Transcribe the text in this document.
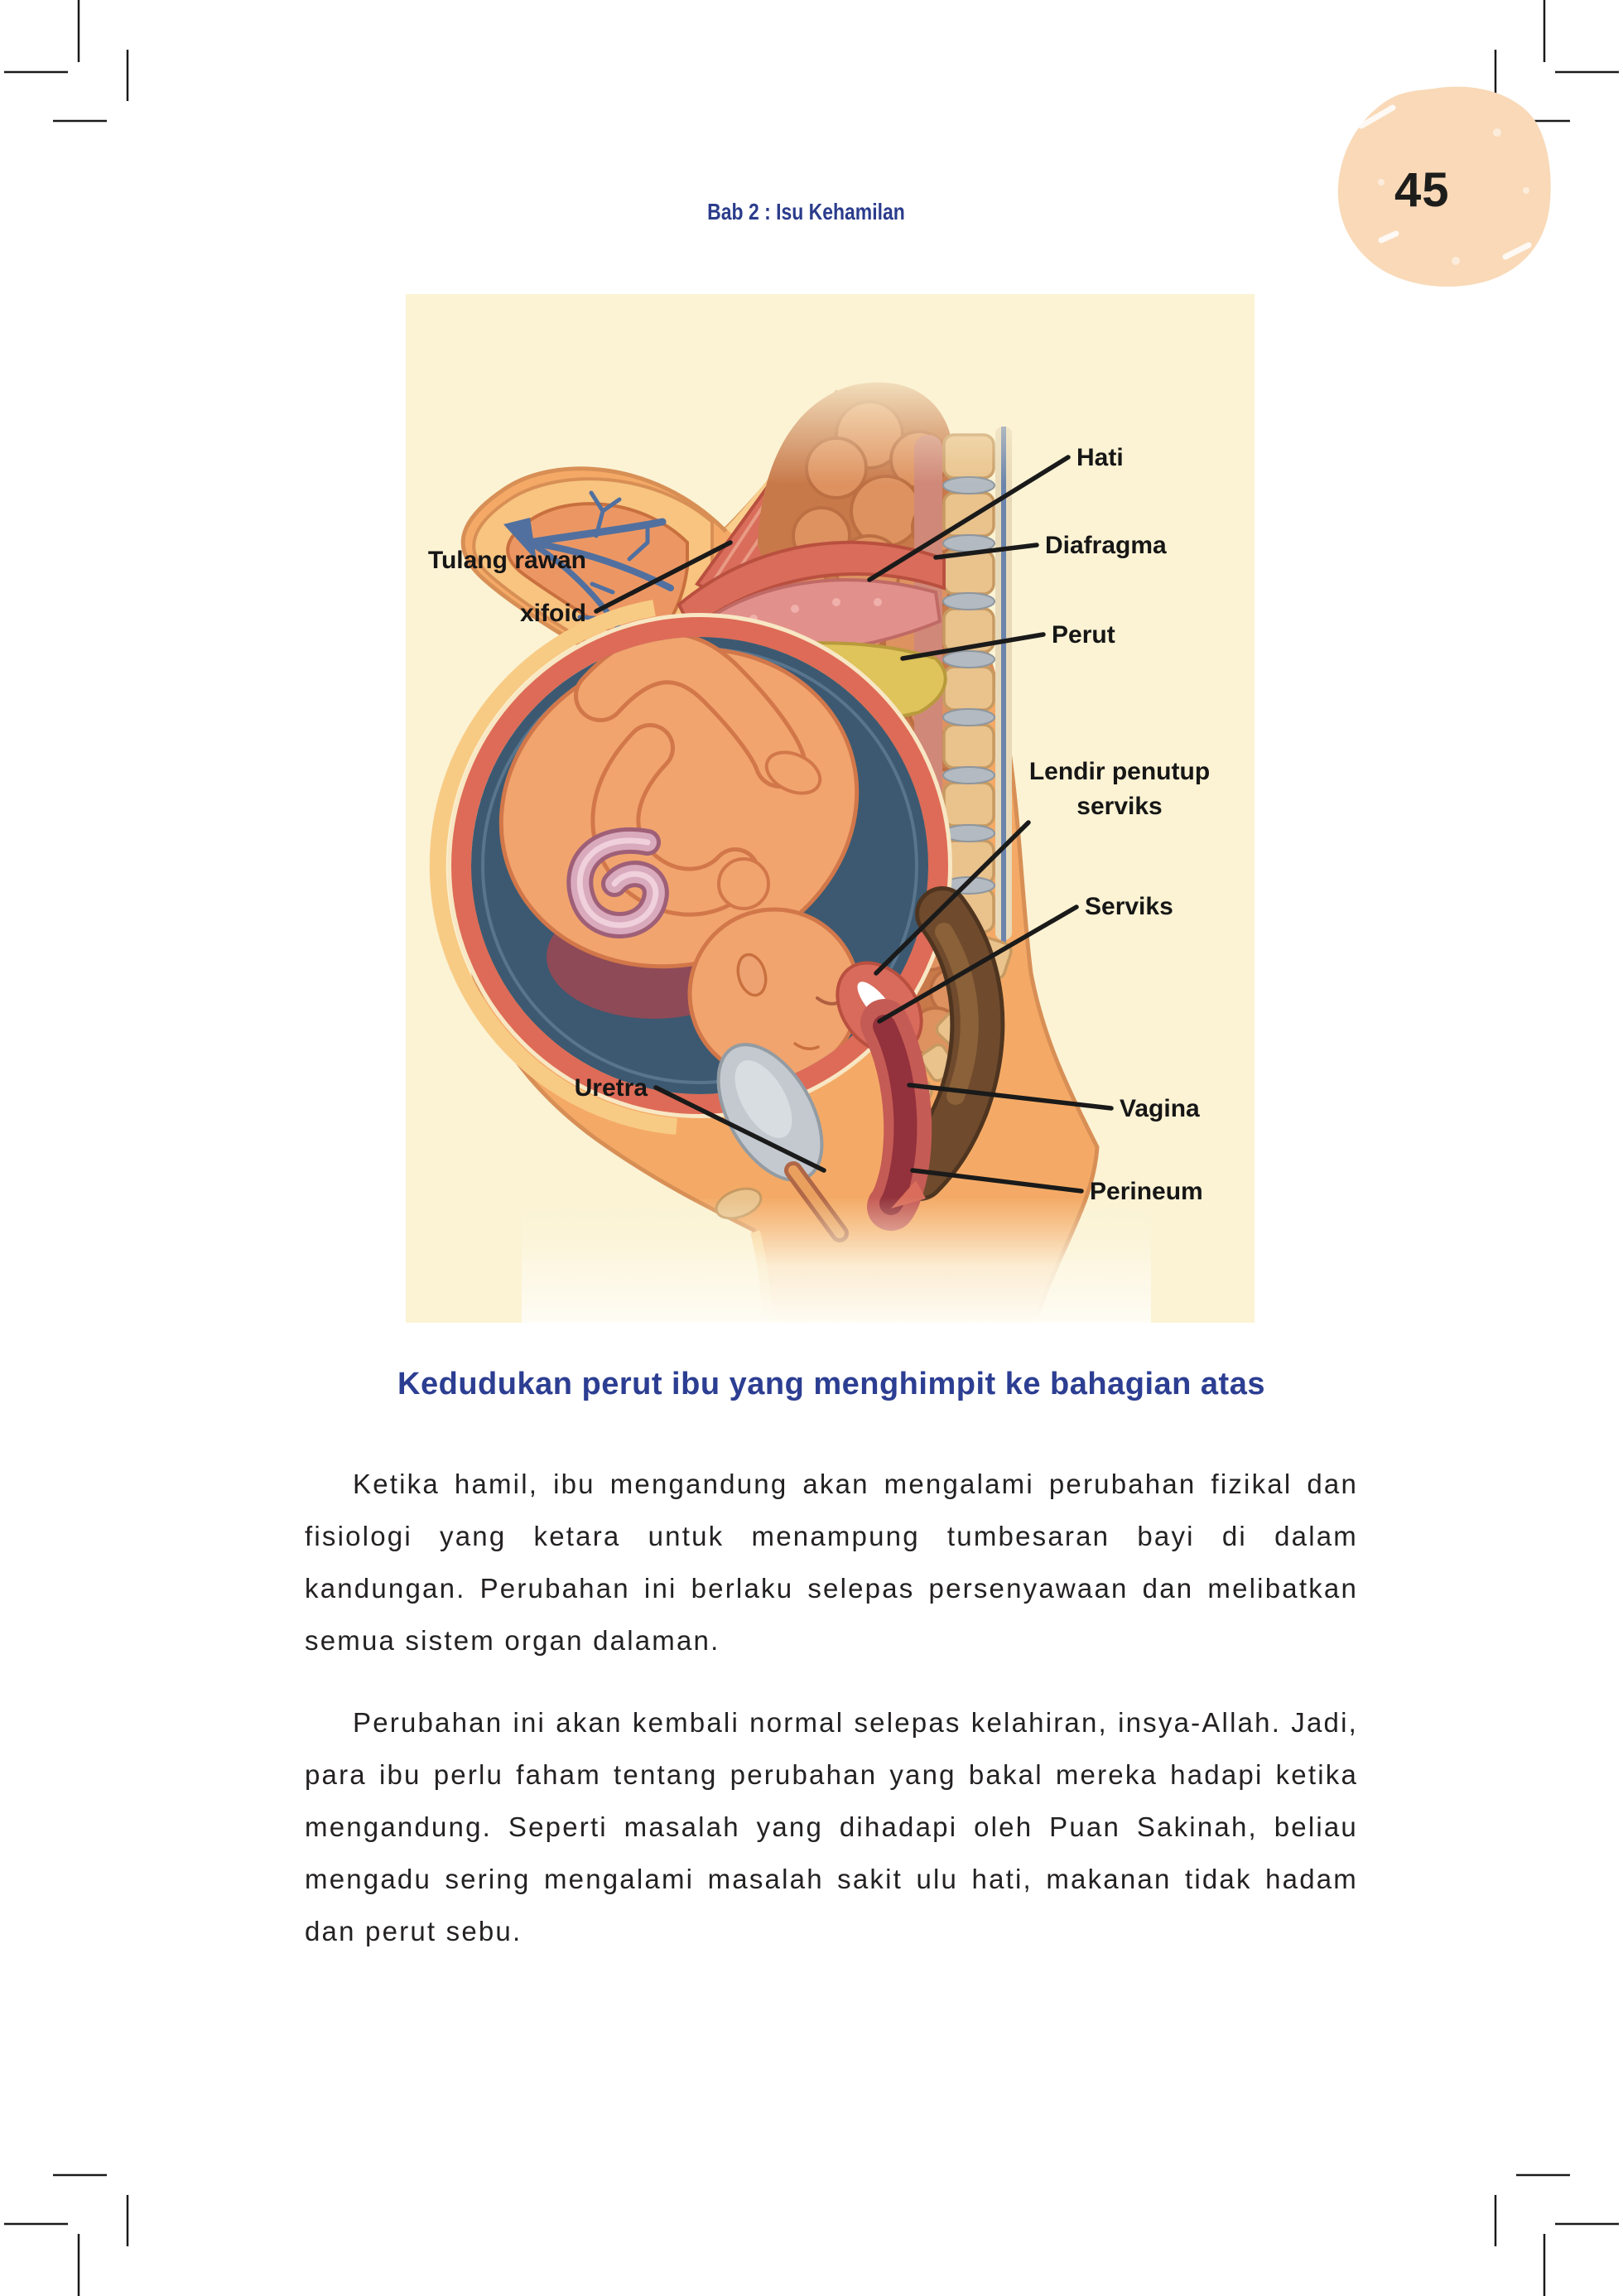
45
Bab 2 : Isu Kehamilan
Hati
Diafragma
Perut
Tulang rawan
xifoid
Lendir penutup
serviks
Serviks
Uretra
Vagina
Perineum
Kedudukan perut ibu yang menghimpit ke bahagian atas

Ketika hamil, ibu mengandung akan mengalami perubahan fizikal dan fisiologi yang ketara untuk menampung tumbesaran bayi di dalam kandungan. Perubahan ini berlaku selepas persenyawaan dan melibatkan semua sistem organ dalaman.

Perubahan ini akan kembali normal selepas kelahiran, insya-Allah. Jadi, para ibu perlu faham tentang perubahan yang bakal mereka hadapi ketika mengandung. Seperti masalah yang dihadapi oleh Puan Sakinah, beliau mengadu sering mengalami masalah sakit ulu hati, makanan tidak hadam dan perut sebu.
